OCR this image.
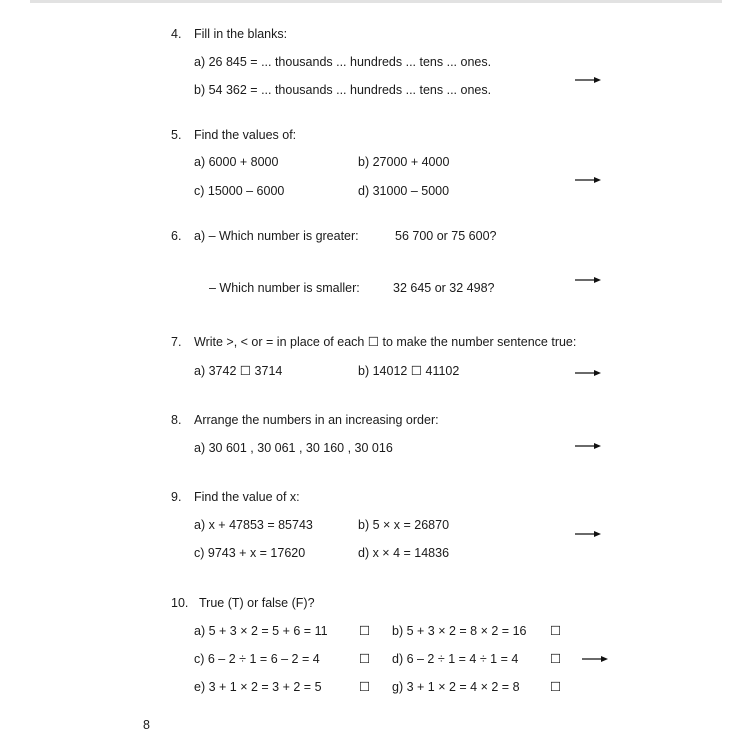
4. Fill in the blanks:
a) 26 845 = ... thousands ... hundreds ... tens ... ones.
b) 54 362 = ... thousands ... hundreds ... tens ... ones.
5. Find the values of:
a) 6000 + 8000	b) 27000 + 4000
c) 15000 – 6000	d) 31000 – 5000
6. a) – Which number is greater:	56 700 or 75 600?
– Which number is smaller:	32 645 or 32 498?
7. Write >, < or = in place of each ☐ to make the number sentence true:
a) 3742 ☐ 3714	b) 14012 ☐ 41102
8. Arrange the numbers in an increasing order:
a) 30 601 , 30 061 , 30 160 , 30 016
9. Find the value of x:
a) x + 47853 = 85743	b) 5 × x = 26870
c) 9743 + x = 17620	d) x × 4 = 14836
10. True (T) or false (F)?
a) 5 + 3 × 2 = 5 + 6 = 11	☐ b) 5 + 3 × 2 = 8 × 2 = 16 ☐
c) 6 – 2 ÷ 1 = 6 – 2 = 4	☐ d) 6 – 2 ÷ 1 = 4 ÷ 1 = 4	☐
e) 3 + 1 × 2 = 3 + 2 = 5	☐ g) 3 + 1 × 2 = 4 × 2 = 8 ☐
8
